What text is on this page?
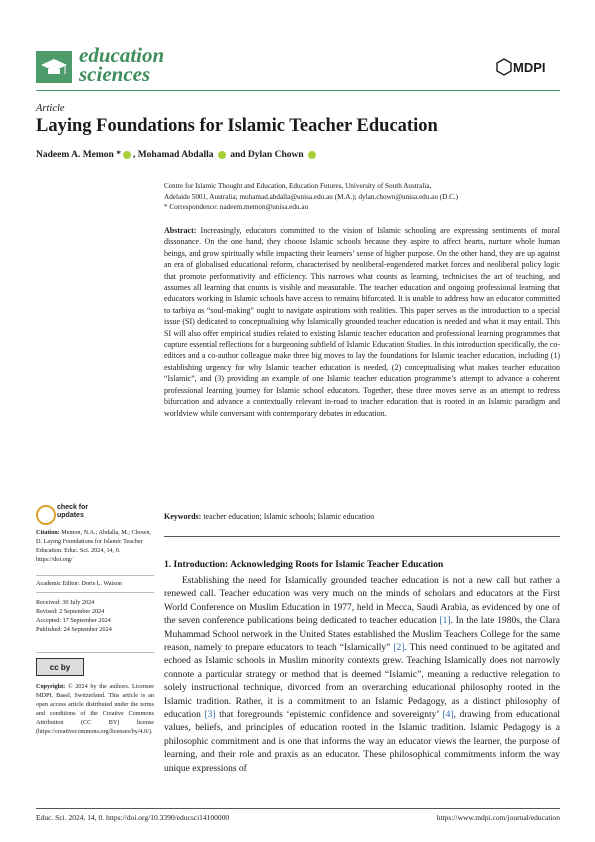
education
sciences	MDPI
Article
Laying Foundations for Islamic Teacher Education
Nadeem A. Memon * , Mohamad Abdalla  and Dylan Chown
Centre for Islamic Thought and Education, Education Futures, University of South Australia,
Adelaide 5001, Australia; mohamad.abdalla@unisa.edu.au (M.A.); dylan.chown@unisa.edu.au (D.C.)
* Correspondence: nadeem.memon@unisa.edu.au
Abstract: Increasingly, educators committed to the vision of Islamic schooling are expressing sentiments of moral dissonance. On the one hand, they choose Islamic schools because they aspire to affect hearts, nurture whole human beings, and grow spiritually while impacting their learners’ sense of higher purpose. On the other hand, they are up against an era of globalised educational reform, characterised by neoliberal-engendered market forces and neoliberal policy logic that promote performativity and efficiency. This narrows what counts as learning, technicises the art of teaching, and assumes all learning that counts is visible and measurable. The teacher education and ongoing professional learning that educators working in Islamic schools have access to remains bifurcated. It is unable to address how an educator committed to tarbiya as “soul-making” ought to navigate aspirations with realities. This paper serves as the introduction to a special issue (SI) dedicated to conceptualising why Islamically grounded teacher education is needed and what it may entail. This SI will also offer empirical studies related to existing Islamic teacher education and professional learning programmes that capture essential reflections for a burgeoning subfield of Islamic Education Studies. In this introduction specifically, the co-editors and a co-author colleague make three big moves to lay the foundations for Islamic teacher education, including (1) establishing urgency for why Islamic teacher education is needed, (2) conceptualising what makes teacher education “Islamic”, and (3) providing an example of one Islamic teacher education programme’s attempt to advance a coherent professional learning journey for Islamic school educators. Together, these three moves serve as an attempt to redress bifurcation and advance a contextually relevant in-road to teacher education that is rooted in an Islamic paradigm and worldview while conversant with contemporary debates in education.
Keywords: teacher education; Islamic schools; Islamic education
check for
updates

Citation: Memon, N.A.; Abdalla, M.; Chown, D. Laying Foundations for Islamic Teacher Education. Educ. Sci. 2024, 14, 0. https://doi.org/

Academic Editor: Doris L. Watson
Received: 30 July 2024
Revised: 2 September 2024
Accepted: 17 September 2024
Published: 24 September 2024
cc by
Copyright: © 2024 by the authors. Licensee MDPI, Basel, Switzerland. This article is an open access article distributed under the terms and conditions of the Creative Commons Attribution (CC BY) license (https://creativecommons.org/licenses/by/4.0/).
1. Introduction: Acknowledging Roots for Islamic Teacher Education
Establishing the need for Islamically grounded teacher education is not a new call but rather a renewed call. Teacher education was very much on the minds of scholars and educators at the First World Conference on Muslim Education in 1977, held in Mecca, Saudi Arabia, as evidenced by one of the seven conference publications being dedicated to teacher education [1]. In the late 1980s, the Clara Muhammad School network in the United States established the Muslim Teachers College for the same reason, namely to prepare educators to teach “Islamically” [2]. This need continued to be agitated and echoed as Islamic schools in Muslim minority contexts grew. Teaching Islamically does not narrowly connote a particular strategy or method that is deemed “Islamic”, meaning a reductive relegation to solely instructional technique, divorced from an overarching educational philosophy rooted in the Islamic tradition. Rather, it is a commitment to an Islamic Pedagogy, as a distinct philosophy of education [3] that foregrounds ‘epistemic confidence and sovereignty’ [4], drawing from educational values, beliefs, and principles of education rooted in the Islamic tradition. Islamic Pedagogy is a philosophic commitment and is one that informs the way an educator views the learner, the purpose of learning, and their role and praxis as an educator. These philosophical commitments inform the way unique expressions of
Educ. Sci. 2024, 14, 0. https://doi.org/10.3390/educsci14100000	https://www.mdpi.com/journal/education
